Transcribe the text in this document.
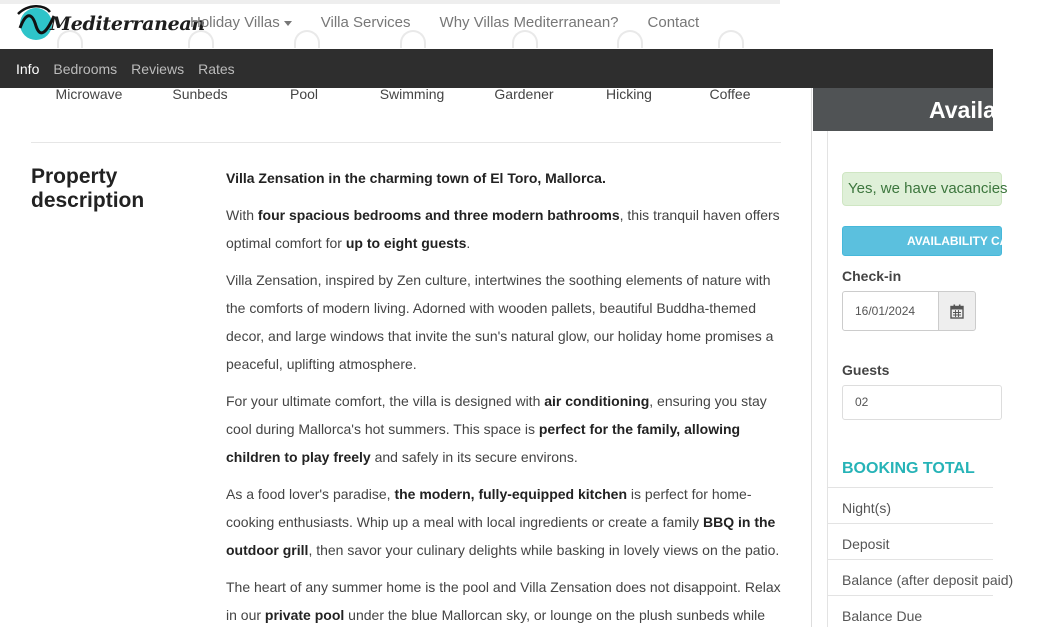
Mediterranean
Holiday Villas	Villa Services Why Villas Mediterranean? Contact
Info Bedrooms Reviews Rates
Microwave	Sunbeds	Pool	Swimming	Gardener	Hicking	Coffee
Property
description

Villa Zensation in the charming town of El Toro, Mallorca.

With four spacious bedrooms and three modern bathrooms, this tranquil haven offers optimal comfort for up to eight guests.

Villa Zensation, inspired by Zen culture, intertwines the soothing elements of nature with the comforts of modern living. Adorned with wooden pallets, beautiful Buddha-themed decor, and large windows that invite the sun's natural glow, our holiday home promises a peaceful, uplifting atmosphere.

For your ultimate comfort, the villa is designed with air conditioning, ensuring you stay cool during Mallorca's hot summers. This space is perfect for the family, allowing children to play freely and safely in its secure environs.

As a food lover's paradise, the modern, fully-equipped kitchen is perfect for home-cooking enthusiasts. Whip up a meal with local ingredients or create a family BBQ in the outdoor grill, then savor your culinary delights while basking in lovely views on the patio.

The heart of any summer home is the pool and Villa Zensation does not disappoint. Relax in our private pool under the blue Mallorcan sky, or lounge on the plush sunbeds while

Availability
Yes, we have vacancies
AVAILABILITY CALENDAR
Check-in
16/01/2024
Guests
02
BOOKING TOTAL
Night(s)
Deposit
Balance (after deposit paid)
Balance Due
